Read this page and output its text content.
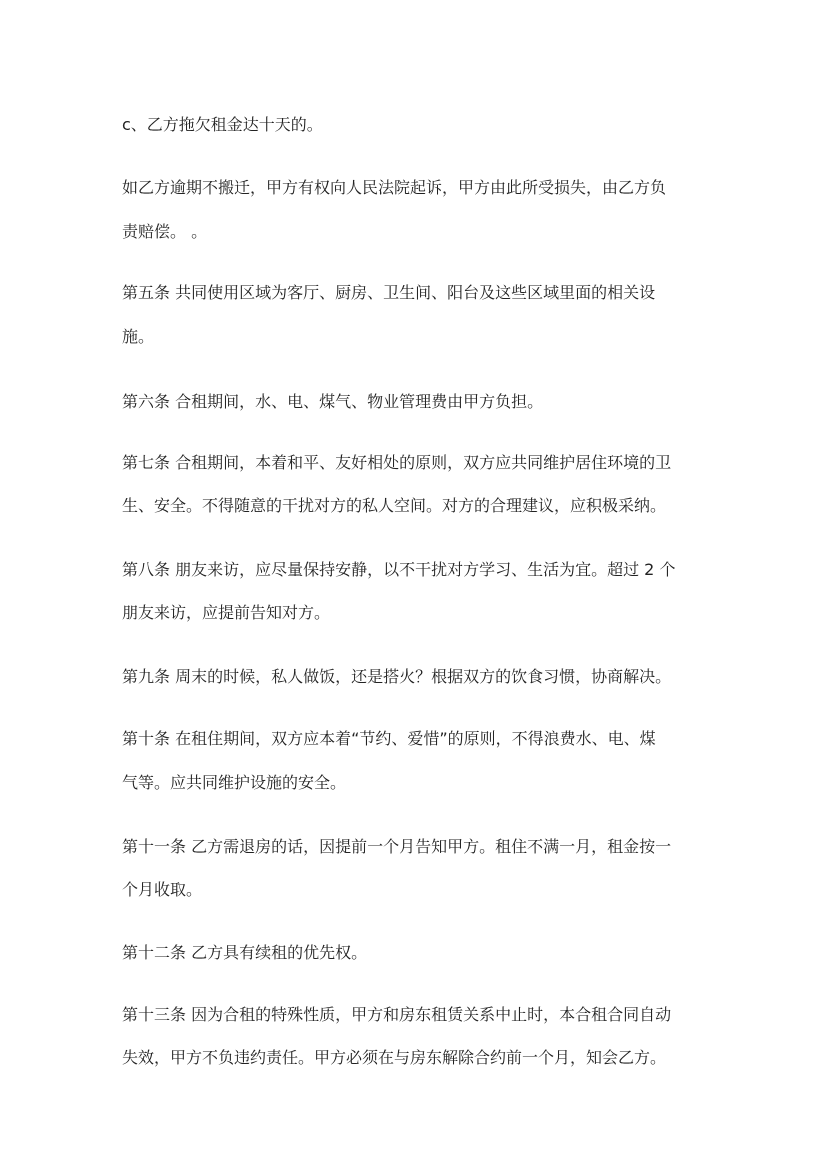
c、乙方拖欠租金达十天的。
如乙方逾期不搬迁，甲方有权向人民法院起诉，甲方由此所受损失，由乙方负
责赔偿。 。
第五条 共同使用区域为客厅、厨房、卫生间、阳台及这些区域里面的相关设
施。
第六条 合租期间，水、电、煤气、物业管理费由甲方负担。
第七条 合租期间，本着和平、友好相处的原则，双方应共同维护居住环境的卫
生、安全。不得随意的干扰对方的私人空间。对方的合理建议，应积极采纳。
第八条 朋友来访，应尽量保持安静，以不干扰对方学习、生活为宜。超过 2 个
朋友来访，应提前告知对方。
第九条 周末的时候，私人做饭，还是搭火？根据双方的饮食习惯，协商解决。
第十条 在租住期间，双方应本着“节约、爱惜”的原则，不得浪费水、电、煤
气等。应共同维护设施的安全。
第十一条 乙方需退房的话，因提前一个月告知甲方。租住不满一月，租金按一
个月收取。
第十二条 乙方具有续租的优先权。
第十三条 因为合租的特殊性质，甲方和房东租赁关系中止时，本合租合同自动
失效，甲方不负违约责任。甲方必须在与房东解除合约前一个月，知会乙方。
